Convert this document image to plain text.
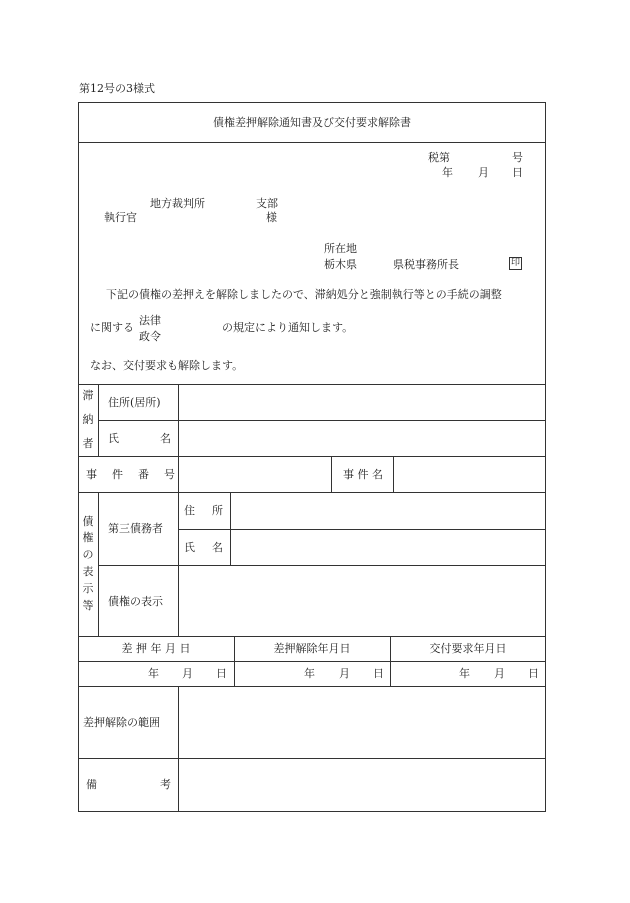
第12号の3様式
債権差押解除通知書及び交付要求解除書
税第	号
年 月 日
地方裁判所	支部
執行官	様
所在地
栃木県	県税事務所長	印
下記の債権の差押えを解除しましたので、滞納処分と強制執行等との手続の調整
に関する
法律
政令
の規定により通知します。
なお、交付要求も解除します。
滞
納
者
住所(居所)
氏	名
事 件 番 号	事 件 名
債
権
の
表
示
等
第三債務者
住 所
氏 名
債権の表示
差 押 年 月 日	差押解除年月日	交付要求年月日
年 月 日	年 月 日	年 月 日
差押解除の範囲
備	考
